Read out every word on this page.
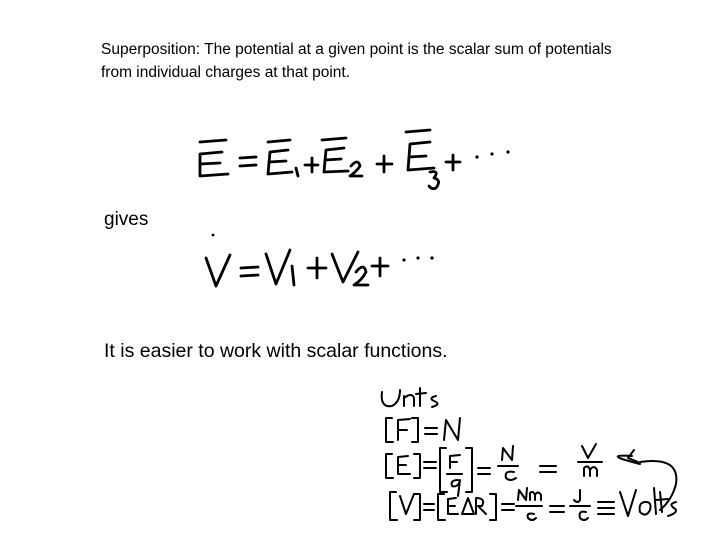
Superposition: The potential at a given point is the scalar sum of potentials
from individual charges at that point.

gives
It is easier to work with scalar functions.
